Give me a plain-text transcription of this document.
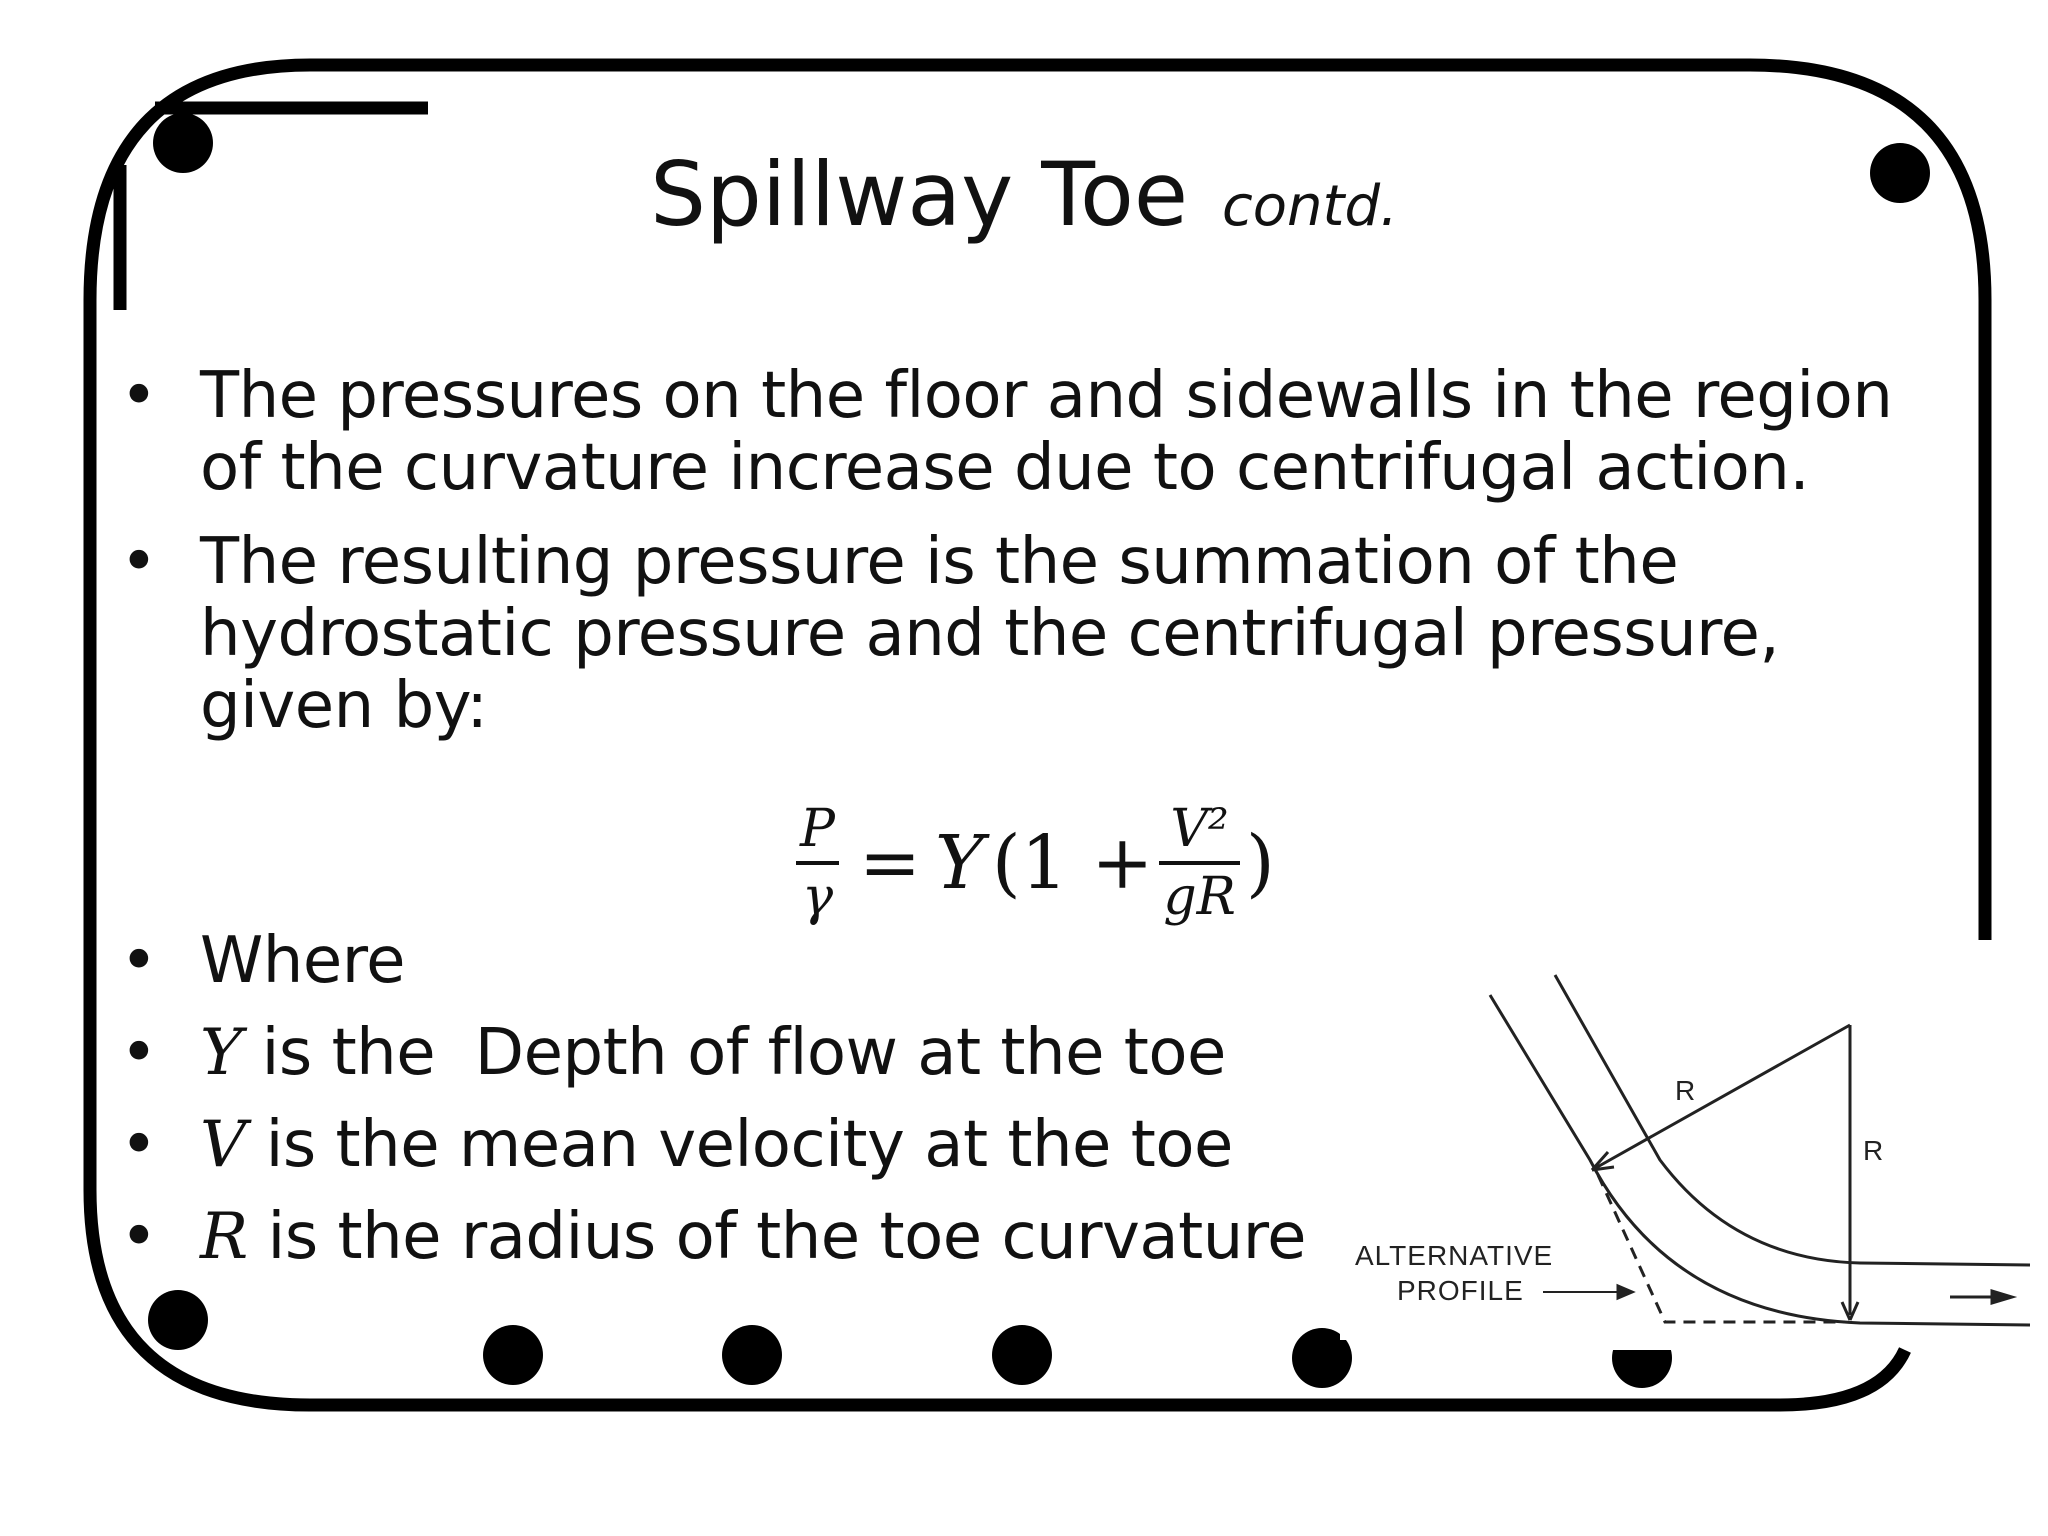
Spillway Toe contd.
• The pressures on the floor and sidewalls in the region of the curvature increase due to centrifugal action.
• The resulting pressure is the summation of the hydrostatic pressure and the centrifugal pressure, given by:
$\frac{P}{\gamma} = Y$ ($1 + \frac{\text{V²}}{gR}$ )
• Where
• Y is the  Depth of flow at the toe
• V is the mean velocity at the toe
• R is the radius of the toe curvature
R
R
ALTERNATIVE
PROFILE
